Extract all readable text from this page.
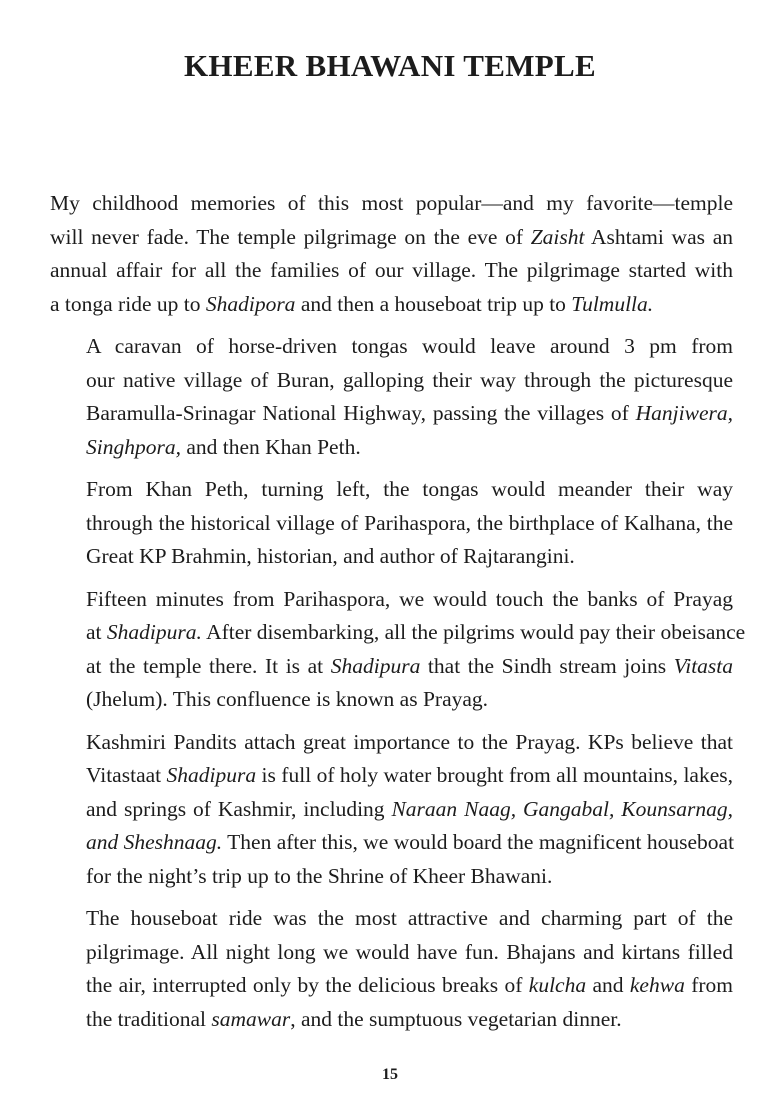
KHEER BHAWANI TEMPLE

My childhood memories of this most popular—and my favorite—temple
will never fade. The temple pilgrimage on the eve of Zaisht Ashtami was an
annual affair for all the families of our village. The pilgrimage started with
a tonga ride up to Shadipora and then a houseboat trip up to Tulmulla.

A caravan of horse-driven tongas would leave around 3 pm from
our native village of Buran, galloping their way through the picturesque
Baramulla-Srinagar National Highway, passing the villages of Hanjiwera,
Singhpora, and then Khan Peth.

From Khan Peth, turning left, the tongas would meander their way
through the historical village of Parihaspora, the birthplace of Kalhana, the
Great KP Brahmin, historian, and author of Rajtarangini.

Fifteen minutes from Parihaspora, we would touch the banks of Prayag
at Shadipura. After disembarking, all the pilgrims would pay their obeisance
at the temple there. It is at Shadipura that the Sindh stream joins Vitasta
(Jhelum). This confluence is known as Prayag.

Kashmiri Pandits attach great importance to the Prayag. KPs believe that
Vitastaat Shadipura is full of holy water brought from all mountains, lakes,
and springs of Kashmir, including Naraan Naag, Gangabal, Kounsarnag,
and Sheshnaag. Then after this, we would board the magnificent houseboat
for the night’s trip up to the Shrine of Kheer Bhawani.

The houseboat ride was the most attractive and charming part of the
pilgrimage. All night long we would have fun. Bhajans and kirtans filled
the air, interrupted only by the delicious breaks of kulcha and kehwa from
the traditional samawar, and the sumptuous vegetarian dinner.

15
